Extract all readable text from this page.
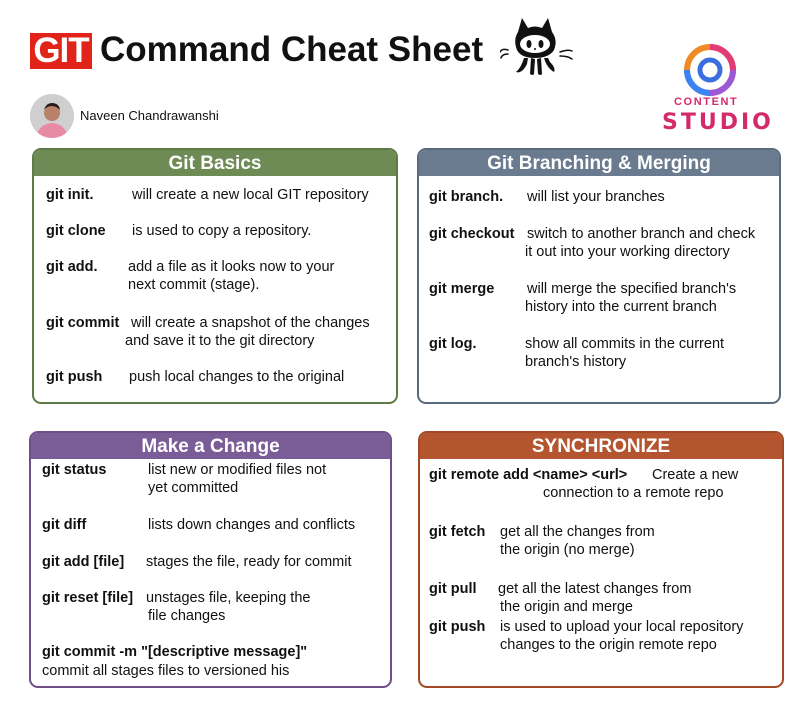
GIT Command Cheat Sheet
Naveen Chandrawanshi
CONTENT
STUDIO
Git Basics
git init.	will create a new local GIT repository
git clone is used to copy a repository.
git add. add a file as it looks now to your
next commit (stage).
git commit will create a snapshot of the changes
and save it to the git directory
git push push local changes to the original
Git Branching & Merging
git branch. will list your branches
git checkout switch to another branch and check
it out into your working directory
git merge will merge the specified branch's
history into the current branch
git log.	show all commits in the current
branch's history
Make a Change
git status	list new or modified files not
yet committed
git diff	lists down changes and conflicts
git add [file] stages the file, ready for commit
git reset [file] unstages file, keeping the
file changes
git commit -m "[descriptive message]"
commit all stages files to versioned his
SYNCHRONIZE
git remote add <name> <url> Create a new
connection to a remote repo
git fetch get all the changes from
the origin (no merge)
git pull get all the latest changes from
the origin and merge
git push is used to upload your local repository
changes to the origin remote repo
